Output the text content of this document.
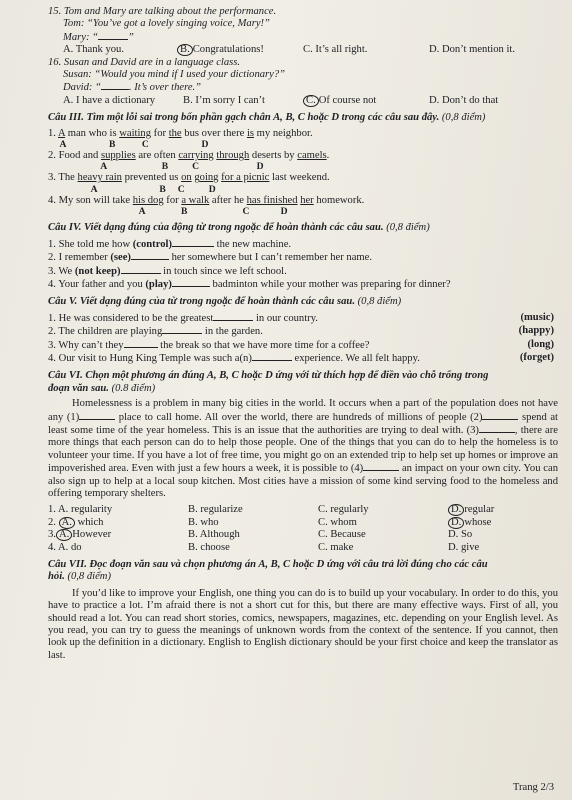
15. Tom and Mary are talking about the performance.
Tom: “You’ve got a lovely singing voice, Mary!”
Mary: “	”
A. Thank you.	B. Congratulations!	C. It’s all right.	D. Don’t mention it.
16. Susan and David are in a language class.
Susan: “Would you mind if I used your dictionary?”
David: “	. It’s over there.”
A. I have a dictionary	B. I’m sorry I can’t	C. Of course not	D. Don’t do that
Câu III. Tìm một lỗi sai trong bốn phần gạch chân A, B, C hoặc D trong các câu sau đây. (0,8 điểm)
1. A man who is waiting for the bus over there is my neighbor.
A                  B           C                      D
2. Food and supplies are often carrying through deserts by camels.
A                       B          C                        D
3. The heavy rain prevented us on going for a picnic last weekend.
A                          B     C          D
4. My son will take his dog for a walk after he has finished her homework.
A               B                       C             D
Câu IV. Viết dạng đúng của động từ trong ngoặc để hoàn thành các câu sau. (0,8 điểm)
1. She told me how (control)	the new machine.
2. I remember (see)	her somewhere but I can’t remember her name.
3. We (not keep)	in touch since we left school.
4. Your father and you (play)	badminton while your mother was preparing for dinner?
Câu V. Viết dạng đúng của từ trong ngoặc để hoàn thành các câu sau. (0,8 điểm)
1. He was considered to be the greatest	in our country.	(music)
2. The children are playing	in the garden.	(happy)
3. Why can’t they	the break so that we have more time for a coffee?	(long)
4. Our visit to Hung King Temple was such a(n)	experience. We all felt happy.	(forget)
Câu VI. Chọn một phương án đúng A, B, C hoặc D ứng với từ thích hợp để điền vào chỗ trống trong
đoạn văn sau. (0.8 điểm)
Homelessness is a problem in many big cities in the world. It occurs when a part of the population does not have any (1)	place to call home. All over the world, there are hundreds of millions of people (2)	spend at least some time of the year homeless. This is an issue that the authorities are trying to deal with. (3)	, there are more things that each person can do to help those people. One of the things that you can do to help the homeless is to volunteer your time. If you have a lot of free time, you might go on an extended trip to help set up homes or improve an impoverished area. Even with just a few hours a week, it is possible to (4)	an impact on your own city. You can also sign up to help at a local soup kitchen. Most cities have a mission of some kind serving food to the homeless and offering temporary shelters.
1. A. regularity	B. regularize	C. regularly	D. regular
2. A. which	B. who	C. whom	D. whose
3. A. However	B. Although	C. Because	D. So
4. A. do	B. choose	C. make	D. give
Câu VII. Đọc đoạn văn sau và chọn phương án A, B, C hoặc D ứng với câu trả lời đúng cho các câu
hỏi. (0,8 điểm)
If you’d like to improve your English, one thing you can do is to build up your vocabulary. In order to do this, you have to practice a lot. I’m afraid there is not a short cut for this, but there are many effective ways. First of all, you should read a lot. You can read short stories, comics, newspapers, magazines, etc. depending on your English level. As you read, you can try to guess the meanings of unknown words from the context of the sentence. If you cannot, then look up the definition in a dictionary. English to English dictionary should be your first choice and keep the translator as last.
Trang 2/3
